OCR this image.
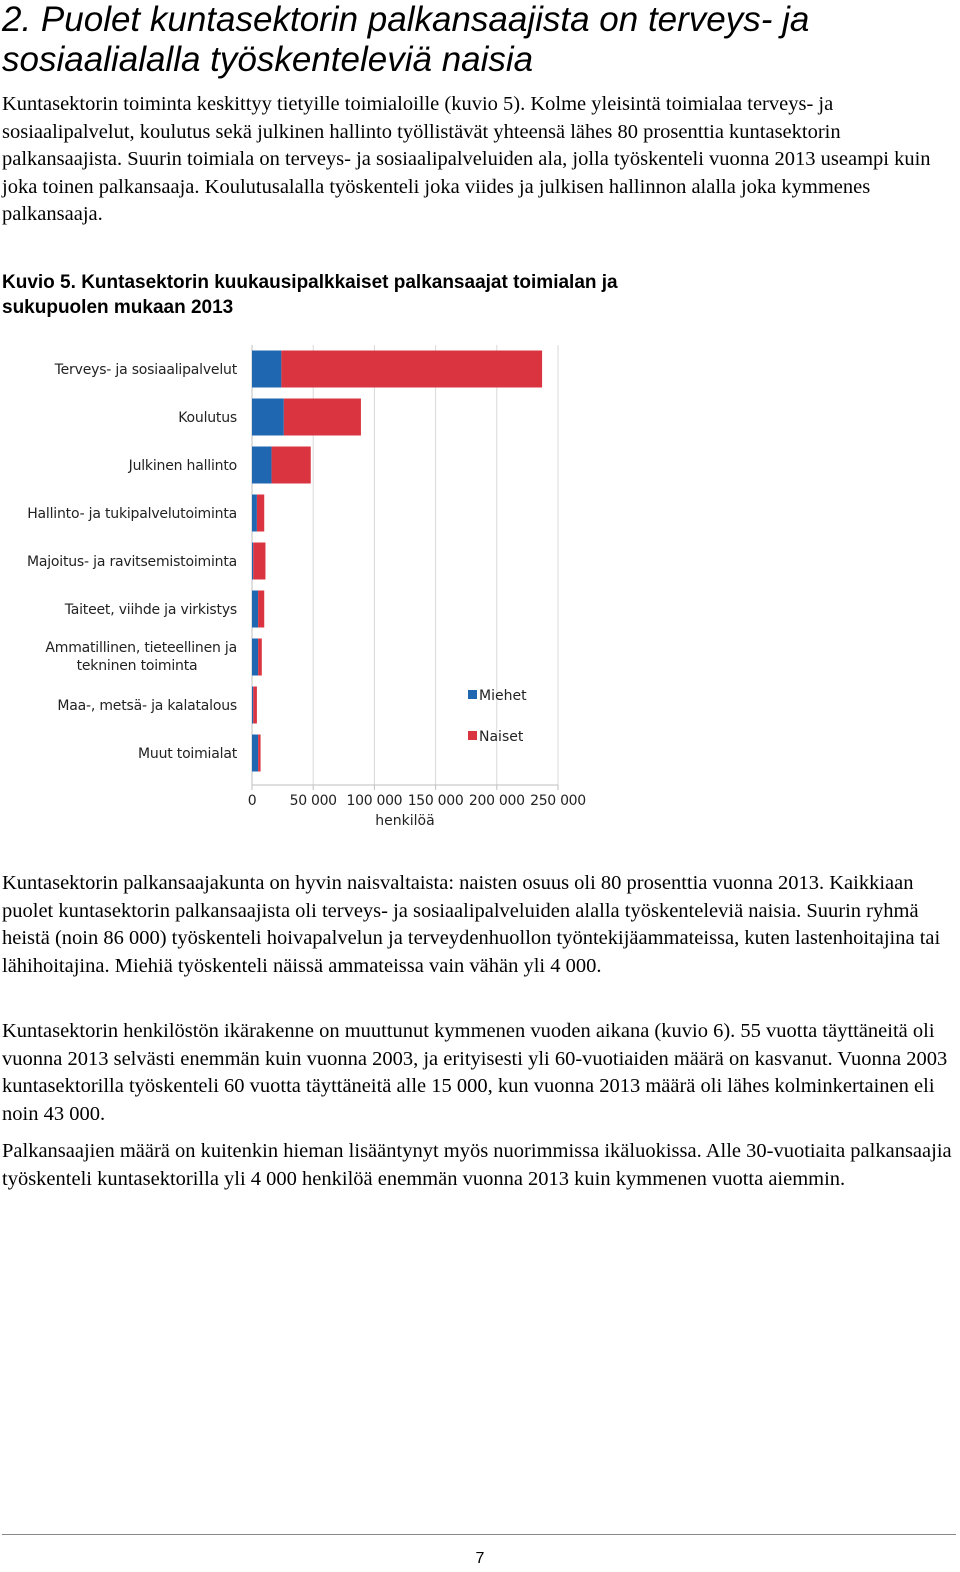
2. Puolet kuntasektorin palkansaajista on terveys- ja sosiaalialalla työskenteleviä naisia

Kuntasektorin toiminta keskittyy tietyille toimialoille (kuvio 5). Kolme yleisintä toimialaa terveys- ja sosiaalipalvelut, koulutus sekä julkinen hallinto työllistävät yhteensä lähes 80 prosenttia kuntasektorin palkansaajista. Suurin toimiala on terveys- ja sosiaalipalveluiden ala, jolla työskenteli vuonna 2013 useampi kuin joka toinen palkansaaja. Koulutusalalla työskenteli joka viides ja julkisen hallinnon alalla joka kymmenes palkansaaja.

Kuvio 5. Kuntasektorin kuukausipalkkaiset palkansaajat toimialan ja sukupuolen mukaan 2013

0 50 000 100 000 150 000 200 000 250 000
Terveys- ja sosiaalipalvelut
Koulutus
Julkinen hallinto
Hallinto- ja tukipalvelutoiminta
Majoitus- ja ravitsemistoiminta
Taiteet, viihde ja virkistys
Ammatillinen, tieteellinen ja tekninen toiminta
Maa-, metsä- ja kalatalous
Muut toimialat
henkilöä
Miehet
Naiset

Kuntasektorin palkansaajakunta on hyvin naisvaltaista: naisten osuus oli 80 prosenttia vuonna 2013. Kaikkiaan puolet kuntasektorin palkansaajista oli terveys- ja sosiaalipalveluiden alalla työskenteleviä naisia. Suurin ryhmä heistä (noin 86 000) työskenteli hoivapalvelun ja terveydenhuollon työntekijäammateissa, kuten lastenhoitajina tai lähihoitajina. Miehiä työskenteli näissä ammateissa vain vähän yli 4 000.

Kuntasektorin henkilöstön ikärakenne on muuttunut kymmenen vuoden aikana (kuvio 6). 55 vuotta täyttäneitä oli vuonna 2013 selvästi enemmän kuin vuonna 2003, ja erityisesti yli 60-vuotiaiden määrä on kasvanut. Vuonna 2003 kuntasektorilla työskenteli 60 vuotta täyttäneitä alle 15 000, kun vuonna 2013 määrä oli lähes kolminkertainen eli noin 43 000.

Palkansaajien määrä on kuitenkin hieman lisääntynyt myös nuorimmissa ikäluokissa. Alle 30-vuotiaita palkansaajia työskenteli kuntasektorilla yli 4 000 henkilöä enemmän vuonna 2013 kuin kymmenen vuotta aiemmin.

7
